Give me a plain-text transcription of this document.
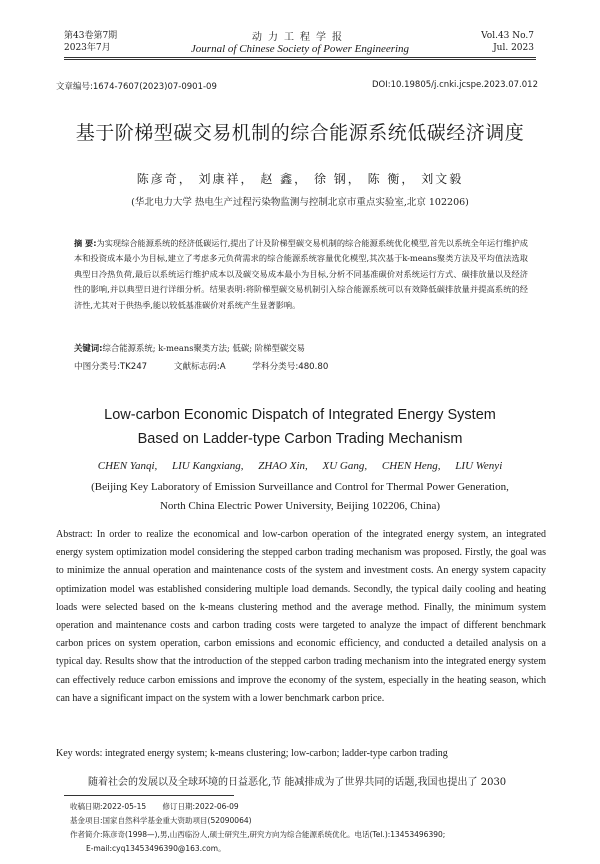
第43卷第7期
2023年7月
动力工程学报
Journal of Chinese Society of Power Engineering
Vol.43 No.7
Jul. 2023
文章编号:1674-7607(2023)07-0901-09	DOI:10.19805/j.cnki.jcspe.2023.07.012
基于阶梯型碳交易机制的综合能源系统低碳经济调度
陈彦奇， 刘康祥， 赵 鑫， 徐 钢， 陈 衡， 刘文毅
(华北电力大学 热电生产过程污染物监测与控制北京市重点实验室,北京 102206)
摘 要:为实现综合能源系统的经济低碳运行,提出了计及阶梯型碳交易机制的综合能源系统优化模型,首先以系统全年运行维护成本和投资成本最小为目标,建立了考虑多元负荷需求的综合能源系统容量优化模型,其次基于k-means聚类方法及平均值法选取典型日冷热负荷,最后以系统运行维护成本以及碳交易成本最小为目标,分析不同基准碳价对系统运行方式、碳排放量以及经济性的影响,并以典型日进行详细分析。结果表明:将阶梯型碳交易机制引入综合能源系统可以有效降低碳排放量并提高系统的经济性,尤其对于供热季,能以较低基准碳价对系统产生显著影响。
关键词:综合能源系统; k-means聚类方法; 低碳; 阶梯型碳交易
中图分类号:TK247	文献标志码:A	学科分类号:480.80
Low-carbon Economic Dispatch of Integrated Energy System
Based on Ladder-type Carbon Trading Mechanism
CHEN Yanqi, LIU Kangxiang, ZHAO Xin, XU Gang, CHEN Heng, LIU Wenyi
(Beijing Key Laboratory of Emission Surveillance and Control for Thermal Power Generation,
North China Electric Power University, Beijing 102206, China)
Abstract: In order to realize the economical and low-carbon operation of the integrated energy system, an integrated energy system optimization model considering the stepped carbon trading mechanism was proposed. Firstly, the goal was to minimize the annual operation and maintenance costs of the system and investment costs. An energy system capacity optimization model was established considering multiple load demands. Secondly, the typical daily cooling and heating loads were selected based on the k-means clustering method and the average method. Finally, the minimum system operation and maintenance costs and carbon trading costs were targeted to analyze the impact of different benchmark carbon prices on system operation, carbon emissions and economic efficiency, and conducted a detailed analysis on a typical day. Results show that the introduction of the stepped carbon trading mechanism into the integrated energy system can effectively reduce carbon emissions and improve the economy of the system, especially in the heating season, which can have a significant impact on the system with a lower benchmark carbon price.
Key words: integrated energy system; k-means clustering; low-carbon; ladder-type carbon trading
随着社会的发展以及全球环境的日益恶化,节 能减排成为了世界共同的话题,我国也提出了 2030
收稿日期:2022-05-15 修订日期:2022-06-09
基金项目:国家自然科学基金重大资助项目(52090064)
作者简介:陈彦奇(1998—),男,山西临汾人,硕士研究生,研究方向为综合能源系统优化。电话(Tel.):13453496390;
E-mail:cyq13453496390@163.com。
